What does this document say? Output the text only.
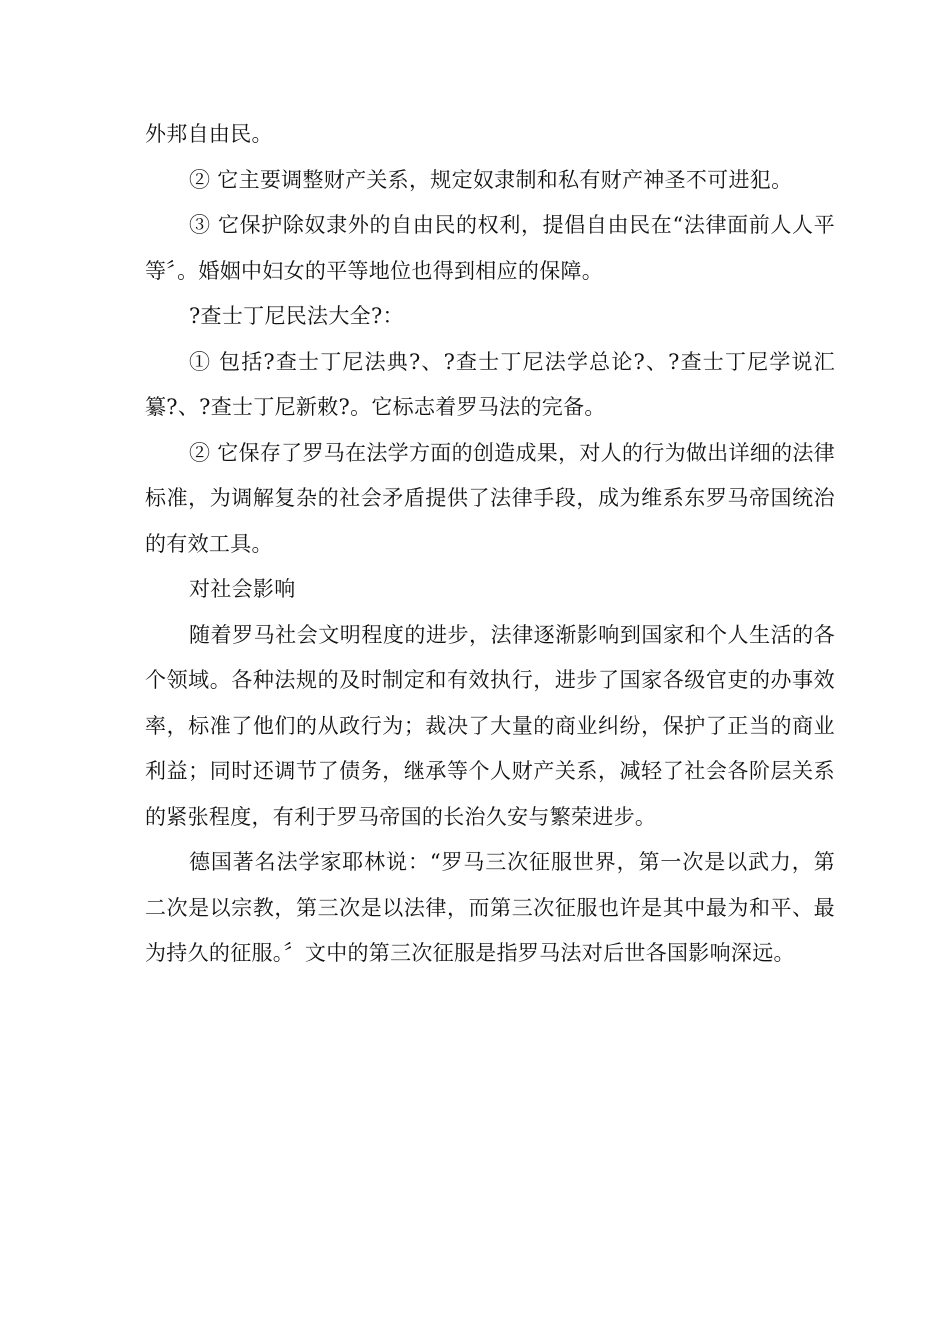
外邦自由民。

② 它主要调整财产关系，规定奴隶制和私有财产神圣不可进犯。

③ 它保护除奴隶外的自由民的权利，提倡自由民在“法律面前人人平等〞。婚姻中妇女的平等地位也得到相应的保障。

?查士丁尼民法大全?：

① 包括?查士丁尼法典?、?查士丁尼法学总论?、?查士丁尼学说汇纂?、?查士丁尼新敕?。它标志着罗马法的完备。

② 它保存了罗马在法学方面的创造成果，对人的行为做出详细的法律标准，为调解复杂的社会矛盾提供了法律手段，成为维系东罗马帝国统治的有效工具。

对社会影响

随着罗马社会文明程度的进步，法律逐渐影响到国家和个人生活的各个领域。各种法规的及时制定和有效执行，进步了国家各级官吏的办事效率，标准了他们的从政行为；裁决了大量的商业纠纷，保护了正当的商业利益；同时还调节了债务，继承等个人财产关系，减轻了社会各阶层关系的紧张程度，有利于罗马帝国的长治久安与繁荣进步。

德国著名法学家耶林说：“罗马三次征服世界，第一次是以武力，第二次是以宗教，第三次是以法律，而第三次征服也许是其中最为和平、最为持久的征服。〞文中的第三次征服是指罗马法对后世各国影响深远。
